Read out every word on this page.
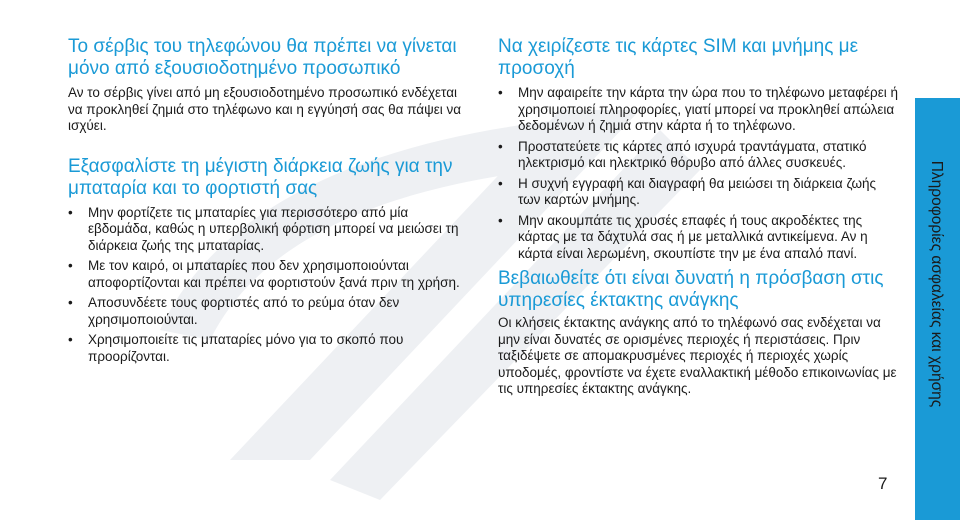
Το σέρβις του τηλεφώνου θα πρέπει να γίνεται μόνο από εξουσιοδοτημένο προσωπικό

Αν το σέρβις γίνει από μη εξουσιοδοτημένο προσωπικό ενδέχεται να προκληθεί ζημιά στο τηλέφωνο και η εγγύησή σας θα πάψει να ισχύει.

Εξασφαλίστε τη μέγιστη διάρκεια ζωής για την μπαταρία και το φορτιστή σας
• Μην φορτίζετε τις μπαταρίες για περισσότερο από μία εβδομάδα, καθώς η υπερβολική φόρτιση μπορεί να μειώσει τη διάρκεια ζωής της μπαταρίας.
• Με τον καιρό, οι μπαταρίες που δεν χρησιμοποιούνται αποφορτίζονται και πρέπει να φορτιστούν ξανά πριν τη χρήση.
• Αποσυνδέετε τους φορτιστές από το ρεύμα όταν δεν χρησιμοποιούνται.
• Χρησιμοποιείτε τις μπαταρίες μόνο για το σκοπό που προορίζονται.
Να χειρίζεστε τις κάρτες SIM και μνήμης με προσοχή
• Μην αφαιρείτε την κάρτα την ώρα που το τηλέφωνο μεταφέρει ή χρησιμοποιεί πληροφορίες, γιατί μπορεί να προκληθεί απώλεια δεδομένων ή ζημιά στην κάρτα ή το τηλέφωνο.
• Προστατεύετε τις κάρτες από ισχυρά τραντάγματα, στατικό ηλεκτρισμό και ηλεκτρικό θόρυβο από άλλες συσκευές.
• Η συχνή εγγραφή και διαγραφή θα μειώσει τη διάρκεια ζωής των καρτών μνήμης.
• Μην ακουμπάτε τις χρυσές επαφές ή τους ακροδέκτες της κάρτας με τα δάχτυλά σας ή με μεταλλικά αντικείμενα. Αν η κάρτα είναι λερωμένη, σκουπίστε την με ένα απαλό πανί.
Βεβαιωθείτε ότι είναι δυνατή η πρόσβαση στις υπηρεσίες έκτακτης ανάγκης

Οι κλήσεις έκτακτης ανάγκης από το τηλέφωνό σας ενδέχεται να μην είναι δυνατές σε ορισμένες περιοχές ή περιστάσεις. Πριν ταξιδέψετε σε απομακρυσμένες περιοχές ή περιοχές χωρίς υποδομές, φροντίστε να έχετε εναλλακτική μέθοδο επικοινωνίας με τις υπηρεσίες έκτακτης ανάγκης.	Πληροφορίες ασφαλείας και χρήσης
7
